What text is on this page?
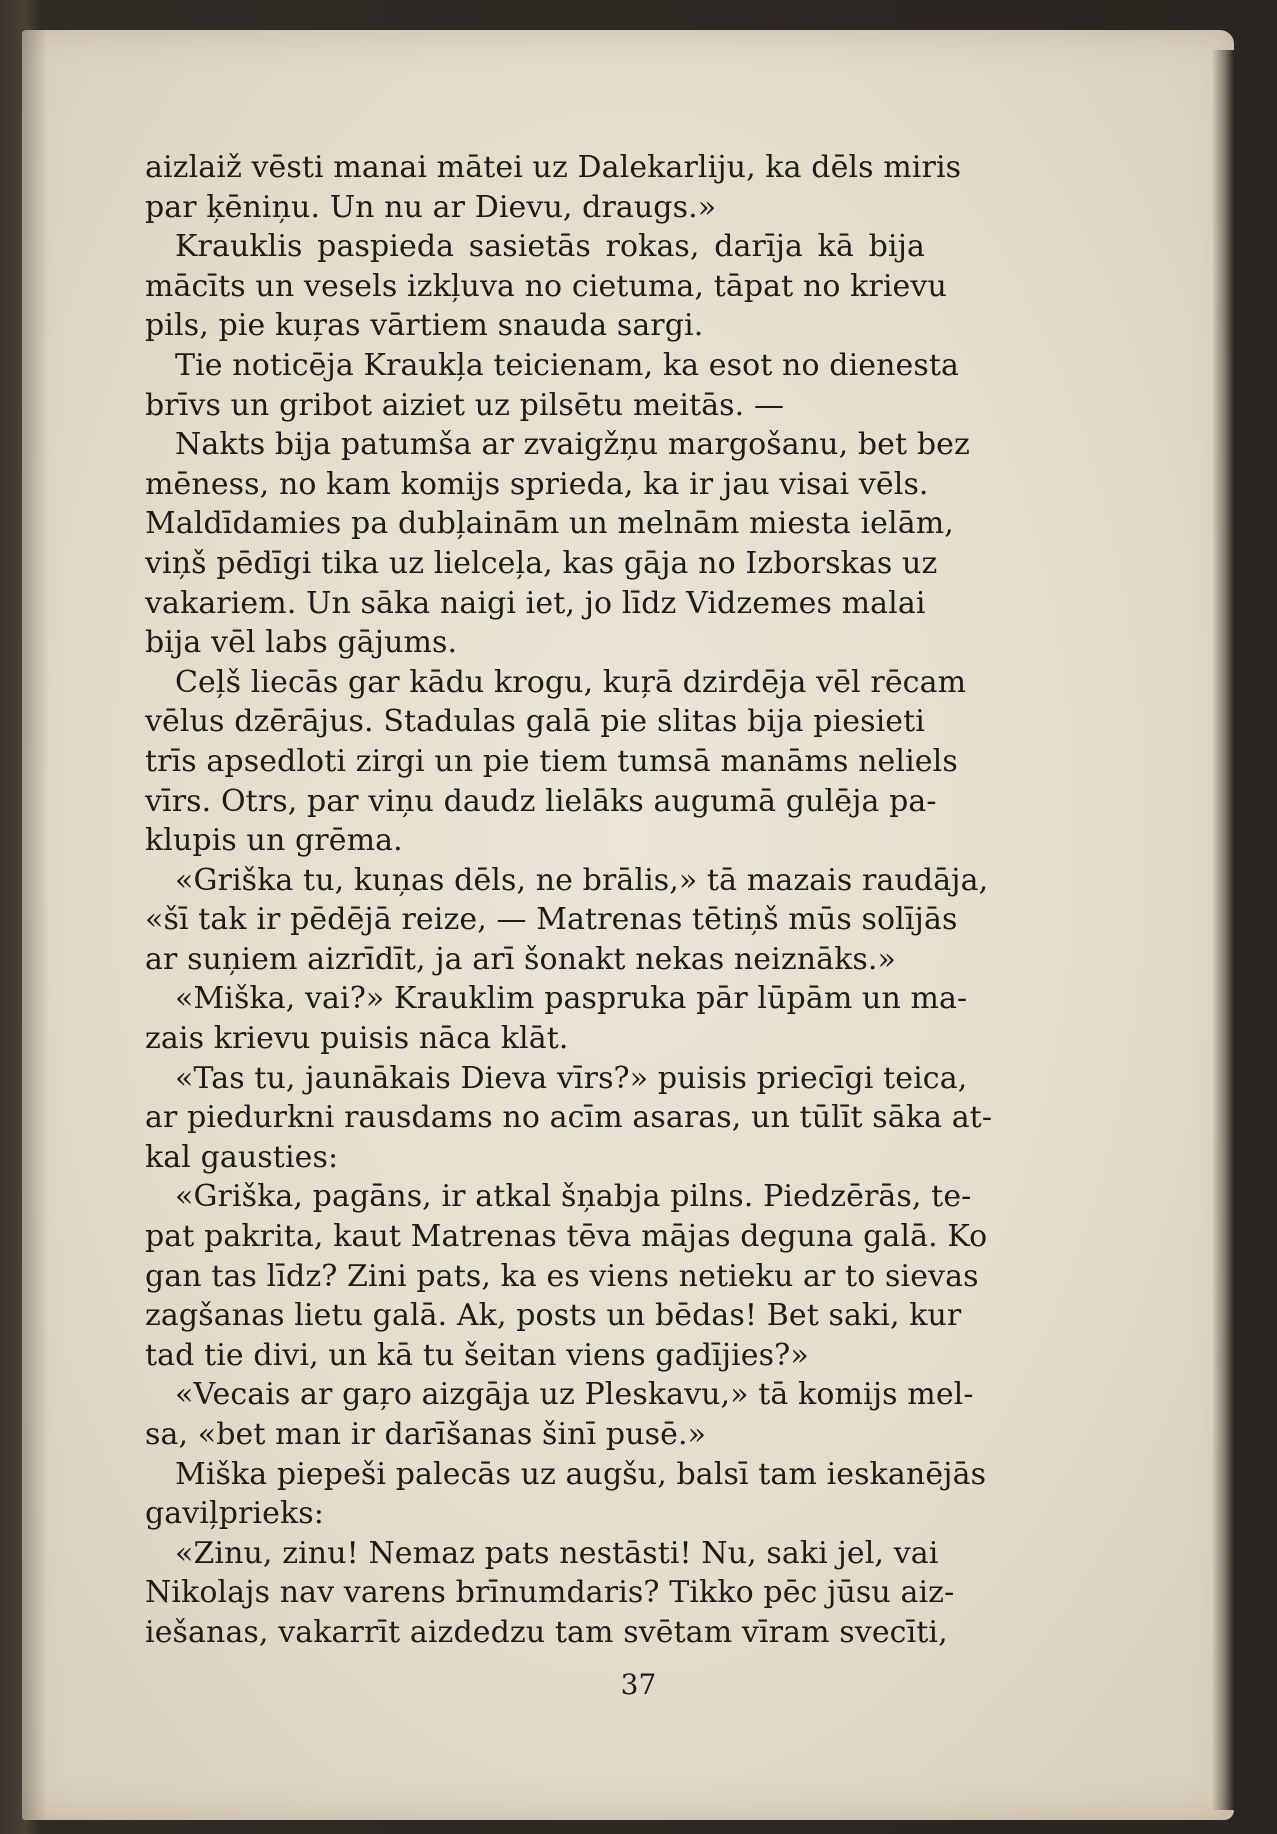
aizlaiž vēsti manai mātei uz Dalekarliju, ka dēls miris
par ķēniņu. Un nu ar Dievu, draugs.»
Krauklis paspieda sasietās rokas, darīja kā bija
mācīts un vesels izkļuva no cietuma, tāpat no krievu
pils, pie kuŗas vārtiem snauda sargi.
Tie noticēja Kraukļa teicienam, ka esot no dienesta
brīvs un gribot aiziet uz pilsētu meitās. —
Nakts bija patumša ar zvaigžņu margošanu, bet bez
mēness, no kam komijs sprieda, ka ir jau visai vēls.
Maldīdamies pa dubļainām un melnām miesta ielām,
viņš pēdīgi tika uz lielceļa, kas gāja no Izborskas uz
vakariem. Un sāka naigi iet, jo līdz Vidzemes malai
bija vēl labs gājums.
Ceļš liecās gar kādu krogu, kuŗā dzirdēja vēl rēcam
vēlus dzērājus. Stadulas galā pie slitas bija piesieti
trīs apsedloti zirgi un pie tiem tumsā manāms neliels
vīrs. Otrs, par viņu daudz lielāks augumā gulēja pa-
klupis un grēma.
«Griška tu, kuņas dēls, ne brālis,» tā mazais raudāja,
«šī tak ir pēdējā reize, — Matrenas tētiņš mūs solījās
ar suņiem aizrīdīt, ja arī šonakt nekas neiznāks.»
«Miška, vai?» Krauklim paspruka pār lūpām un ma-
zais krievu puisis nāca klāt.
«Tas tu, jaunākais Dieva vīrs?» puisis priecīgi teica,
ar piedurkni rausdams no acīm asaras, un tūlīt sāka at-
kal gausties:
«Griška, pagāns, ir atkal šņabja pilns. Piedzērās, te-
pat pakrita, kaut Matrenas tēva mājas deguna galā. Ko
gan tas līdz? Zini pats, ka es viens netieku ar to sievas
zagšanas lietu galā. Ak, posts un bēdas! Bet saki, kur
tad tie divi, un kā tu šeitan viens gadījies?»
«Vecais ar gaŗo aizgāja uz Pleskavu,» tā komijs mel-
sa, «bet man ir darīšanas šinī pusē.»
Miška piepeši palecās uz augšu, balsī tam ieskanējās
gaviļprieks:
«Zinu, zinu! Nemaz pats nestāsti! Nu, saki jel, vai
Nikolajs nav varens brīnumdaris? Tikko pēc jūsu aiz-
iešanas, vakarrīt aizdedzu tam svētam vīram svecīti,
37
